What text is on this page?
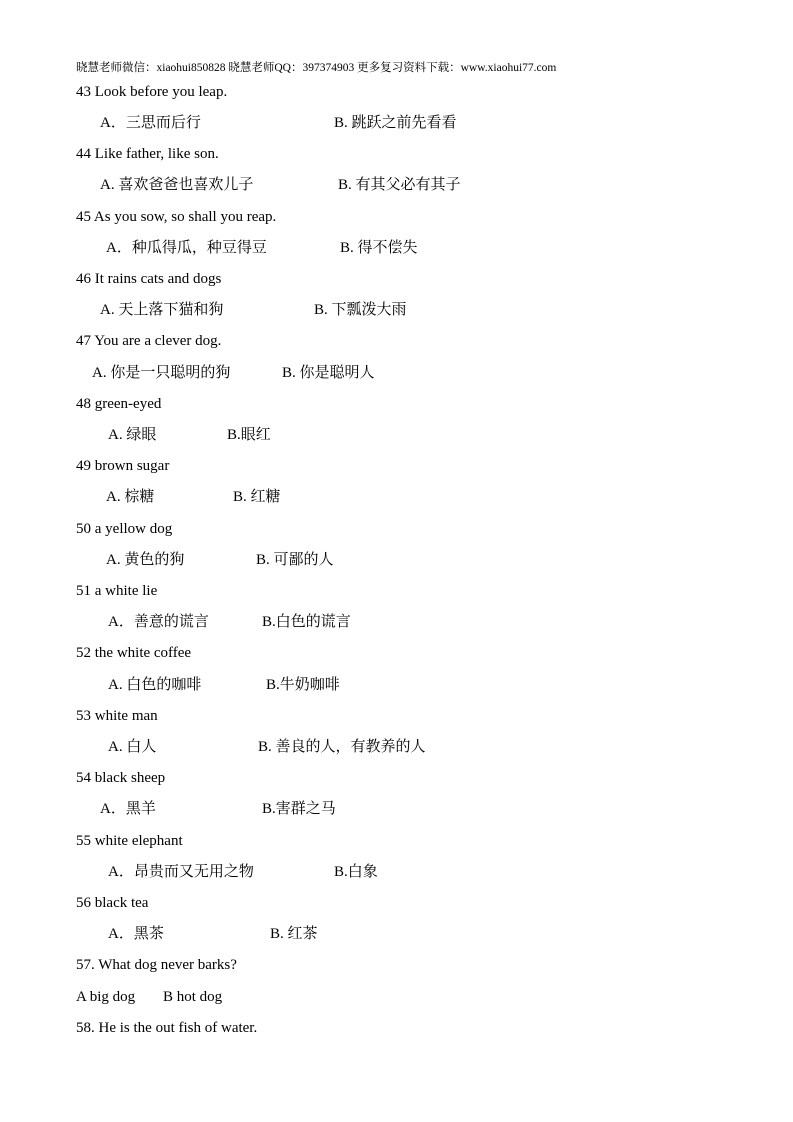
晓慧老师微信：xiaohui850828 晓慧老师QQ：397374903 更多复习资料下载：www.xiaohui77.com
43 Look before you leap.
A．三思而后行	B. 跳跃之前先看看
44 Like father, like son.
A. 喜欢爸爸也喜欢儿子	B. 有其父必有其子
45 As you sow, so shall you reap.
A．种瓜得瓜，种豆得豆	B. 得不偿失
46 It rains cats and dogs
A. 天上落下猫和狗	B. 下瓢泼大雨
47 You are a clever dog.
A. 你是一只聪明的狗	B. 你是聪明人
48 green-eyed
A. 绿眼	B.眼红
49 brown sugar
A. 棕糖	B. 红糖
50 a yellow dog
A. 黄色的狗	B. 可鄙的人
51 a white lie
A．善意的谎言	B.白色的谎言
52 the white coffee
A. 白色的咖啡	B.牛奶咖啡
53 white man
A. 白人	B. 善良的人，有教养的人
54 black sheep
A．黑羊	B.害群之马
55 white elephant
A．昂贵而又无用之物	B.白象
56 black tea
A．黑茶	B. 红茶
57. What dog never barks?
A big dog B hot dog
58. He is the out fish of water.
